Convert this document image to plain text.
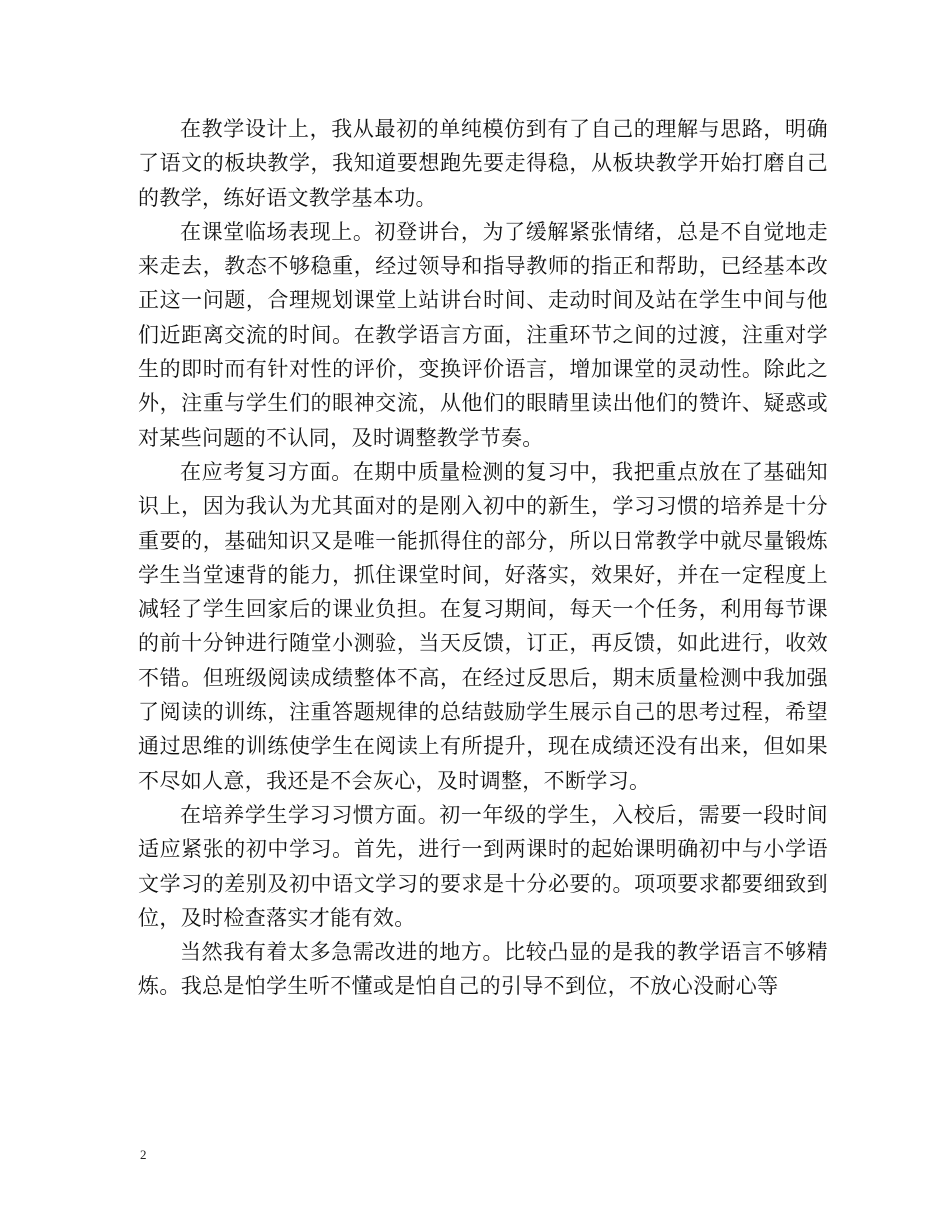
在教学设计上，我从最初的单纯模仿到有了自己的理解与思路，明确了语文的板块教学，我知道要想跑先要走得稳，从板块教学开始打磨自己的教学，练好语文教学基本功。

在课堂临场表现上。初登讲台，为了缓解紧张情绪，总是不自觉地走来走去，教态不够稳重，经过领导和指导教师的指正和帮助，已经基本改正这一问题，合理规划课堂上站讲台时间、走动时间及站在学生中间与他们近距离交流的时间。在教学语言方面，注重环节之间的过渡，注重对学生的即时而有针对性的评价，变换评价语言，增加课堂的灵动性。除此之外，注重与学生们的眼神交流，从他们的眼睛里读出他们的赞许、疑惑或对某些问题的不认同，及时调整教学节奏。

在应考复习方面。在期中质量检测的复习中，我把重点放在了基础知识上，因为我认为尤其面对的是刚入初中的新生，学习习惯的培养是十分重要的，基础知识又是唯一能抓得住的部分，所以日常教学中就尽量锻炼学生当堂速背的能力，抓住课堂时间，好落实，效果好，并在一定程度上减轻了学生回家后的课业负担。在复习期间，每天一个任务，利用每节课的前十分钟进行随堂小测验，当天反馈，订正，再反馈，如此进行，收效不错。但班级阅读成绩整体不高，在经过反思后，期末质量检测中我加强了阅读的训练，注重答题规律的总结鼓励学生展示自己的思考过程，希望通过思维的训练使学生在阅读上有所提升，现在成绩还没有出来，但如果不尽如人意，我还是不会灰心，及时调整，不断学习。

在培养学生学习习惯方面。初一年级的学生，入校后，需要一段时间适应紧张的初中学习。首先，进行一到两课时的起始课明确初中与小学语文学习的差别及初中语文学习的要求是十分必要的。项项要求都要细致到位，及时检查落实才能有效。

当然我有着太多急需改进的地方。比较凸显的是我的教学语言不够精炼。我总是怕学生听不懂或是怕自己的引导不到位，不放心没耐心等

2
